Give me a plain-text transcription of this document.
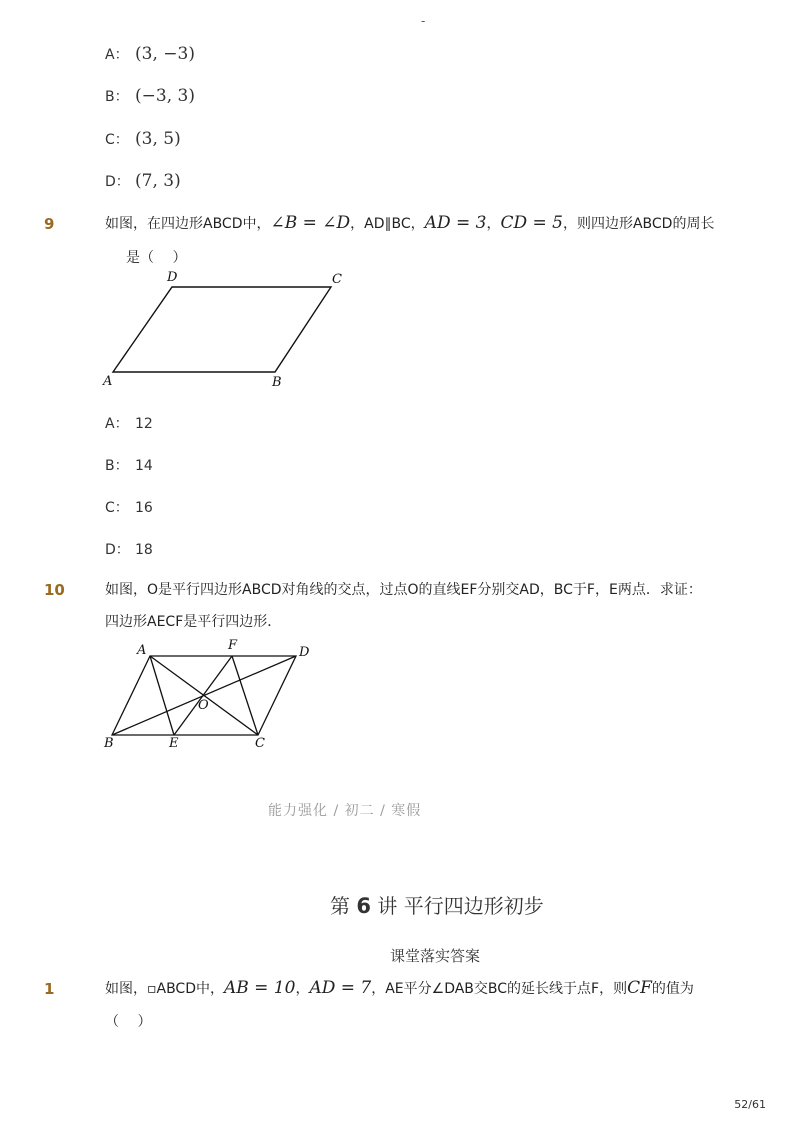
-
A： (3, −3)
B： (−3, 3)
C： (3, 5)
D： (7, 3)
9	如图，在四边形ABCD中，∠B = ∠D，AD∥BC，AD = 3，CD = 5，则四边形ABCD的周长
是（　 ）
A	B
C
D
A： 12
B： 14
C： 16
D： 18
10	如图，O是平行四边形ABCD对角线的交点，过点O的直线EF分别交AD，BC于F，E两点．求证：
四边形AECF是平行四边形．
A
B	C
D
E
F
O
能力强化 / 初二 / 寒假
第 6 讲 平行四边形初步
课堂落实答案
1	如图，▫ABCD中，AB = 10，AD = 7，AE平分∠DAB交BC的延长线于点F，则CF的值为
（　 ）
52/61
